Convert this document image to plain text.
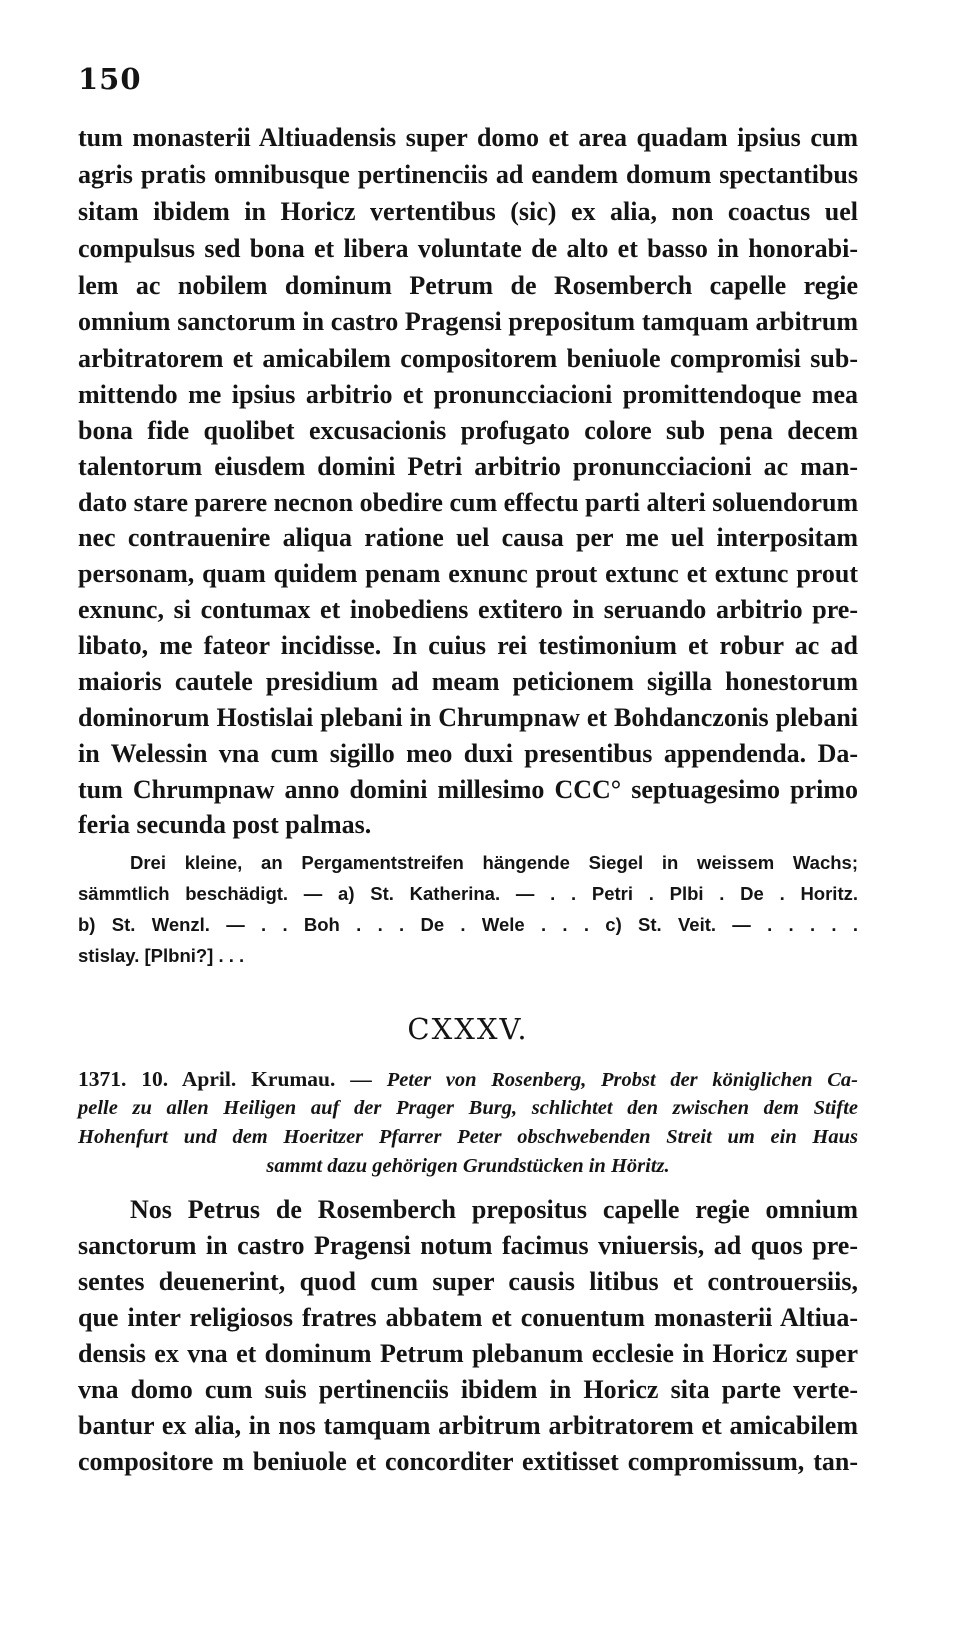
150
tum monasterii Altiuadensis super domo et area quadam ipsius cum
agris pratis omnibusque pertinenciis ad eandem domum spectantibus
sitam ibidem in Horicz vertentibus (sic) ex alia, non coactus uel
compulsus sed bona et libera voluntate de alto et basso in honorabi-
lem ac nobilem dominum Petrum de Rosemberch capelle regie
omnium sanctorum in castro Pragensi prepositum tamquam arbitrum
arbitratorem et amicabilem compositorem beniuole compromisi sub-
mittendo me ipsius arbitrio et pronuncciacioni promittendoque mea
bona fide quolibet excusacionis profugato colore sub pena decem
talentorum eiusdem domini Petri arbitrio pronuncciacioni ac man-
dato stare parere necnon obedire cum effectu parti alteri soluendorum
nec contrauenire aliqua ratione uel causa per me uel interpositam
personam, quam quidem penam exnunc prout extunc et extunc prout
exnunc, si contumax et inobediens extitero in seruando arbitrio pre-
libato, me fateor incidisse. In cuius rei testimonium et robur ac ad
maioris cautele presidium ad meam peticionem sigilla honestorum
dominorum Hostislai plebani in Chrumpnaw et Bohdanczonis plebani
in Welessin vna cum sigillo meo duxi presentibus appendenda. Da-
tum Chrumpnaw anno domini millesimo CCC° septuagesimo primo
feria secunda post palmas.
Drei kleine, an Pergamentstreifen hängende Siegel in weissem Wachs;
sämmtlich beschädigt. — a) St. Katherina. — . . Petri . Plbi . De . Horitz.
b) St. Wenzl. — . . Boh . . . De . Wele . . . c) St. Veit. — . . . . .
stislay. [Plbni?] . . .
CXXXV.
1371. 10. April. Krumau. — Peter von Rosenberg, Probst der königlichen Ca-
pelle zu allen Heiligen auf der Prager Burg, schlichtet den zwischen dem Stifte
Hohenfurt und dem Hoeritzer Pfarrer Peter obschwebenden Streit um ein Haus
sammt dazu gehörigen Grundstücken in Höritz.
Nos Petrus de Rosemberch prepositus capelle regie omnium
sanctorum in castro Pragensi notum facimus vniuersis, ad quos pre-
sentes deuenerint, quod cum super causis litibus et controuersiis,
que inter religiosos fratres abbatem et conuentum monasterii Altiua-
densis ex vna et dominum Petrum plebanum ecclesie in Horicz super
vna domo cum suis pertinenciis ibidem in Horicz sita parte verte-
bantur ex alia, in nos tamquam arbitrum arbitratorem et amicabilem
compositore m beniuole et concorditer extitisset compromissum, tan-
